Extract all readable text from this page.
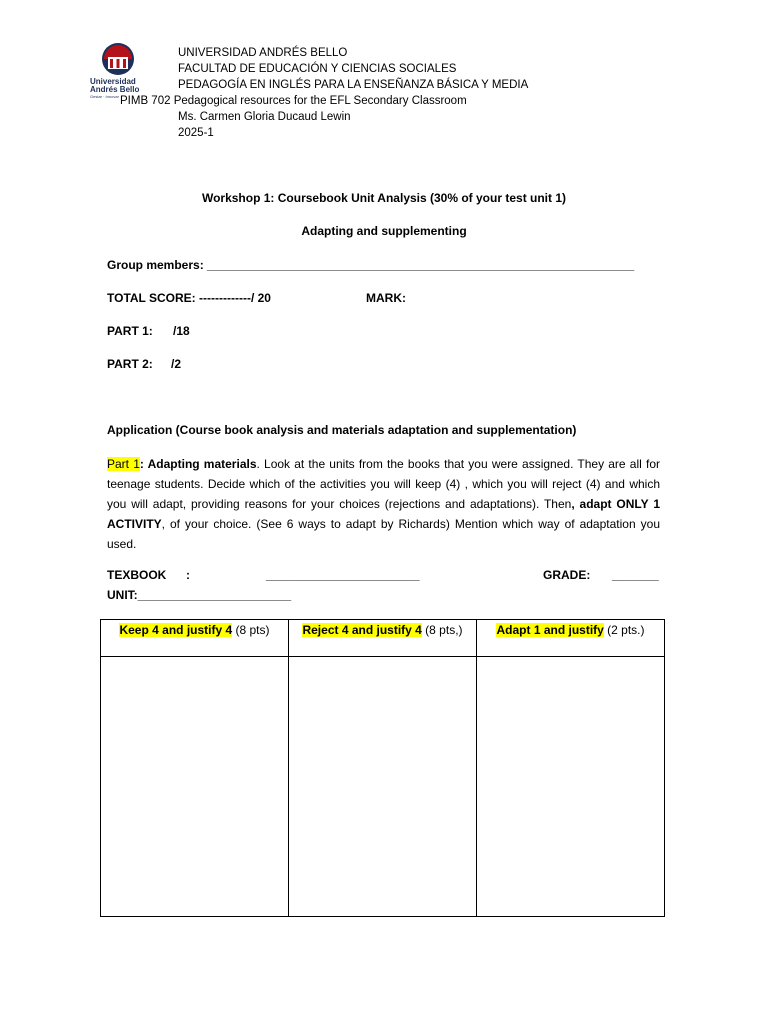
Universidad
Andrés Bello
Gestar · Innovar
UNIVERSIDAD ANDRÉS BELLO
FACULTAD DE EDUCACIÓN Y CIENCIAS SOCIALES
PEDAGOGÍA EN INGLÉS PARA LA ENSEÑANZA BÁSICA Y MEDIA
PIMB 702 Pedagogical resources for the EFL Secondary Classroom
Ms. Carmen Gloria Ducaud Lewin
2025-1
Workshop 1: Coursebook Unit Analysis (30% of your test unit 1)
Adapting and supplementing
Group members: ________________________________________________________________
TOTAL SCORE: -------------/ 20	MARK:
PART 1: /18
PART 2: /2
Application (Course book analysis and materials adaptation and supplementation)
Part 1: Adapting materials. Look at the units from the books that you were assigned. They are all for teenage students. Decide which of the activities you will keep (4) , which you will reject (4) and which you will adapt, providing reasons for your choices (rejections and adaptations). Then, adapt ONLY 1 ACTIVITY, of your choice. (See 6 ways to adapt by Richards) Mention which way of adaptation you used.
TEXBOOK :	_______________________	GRADE: _______
UNIT:_______________________
Keep 4 and justify 4 (8 pts)	Reject 4 and justify 4 (8 pts,)	Adapt 1 and justify (2 pts.)
